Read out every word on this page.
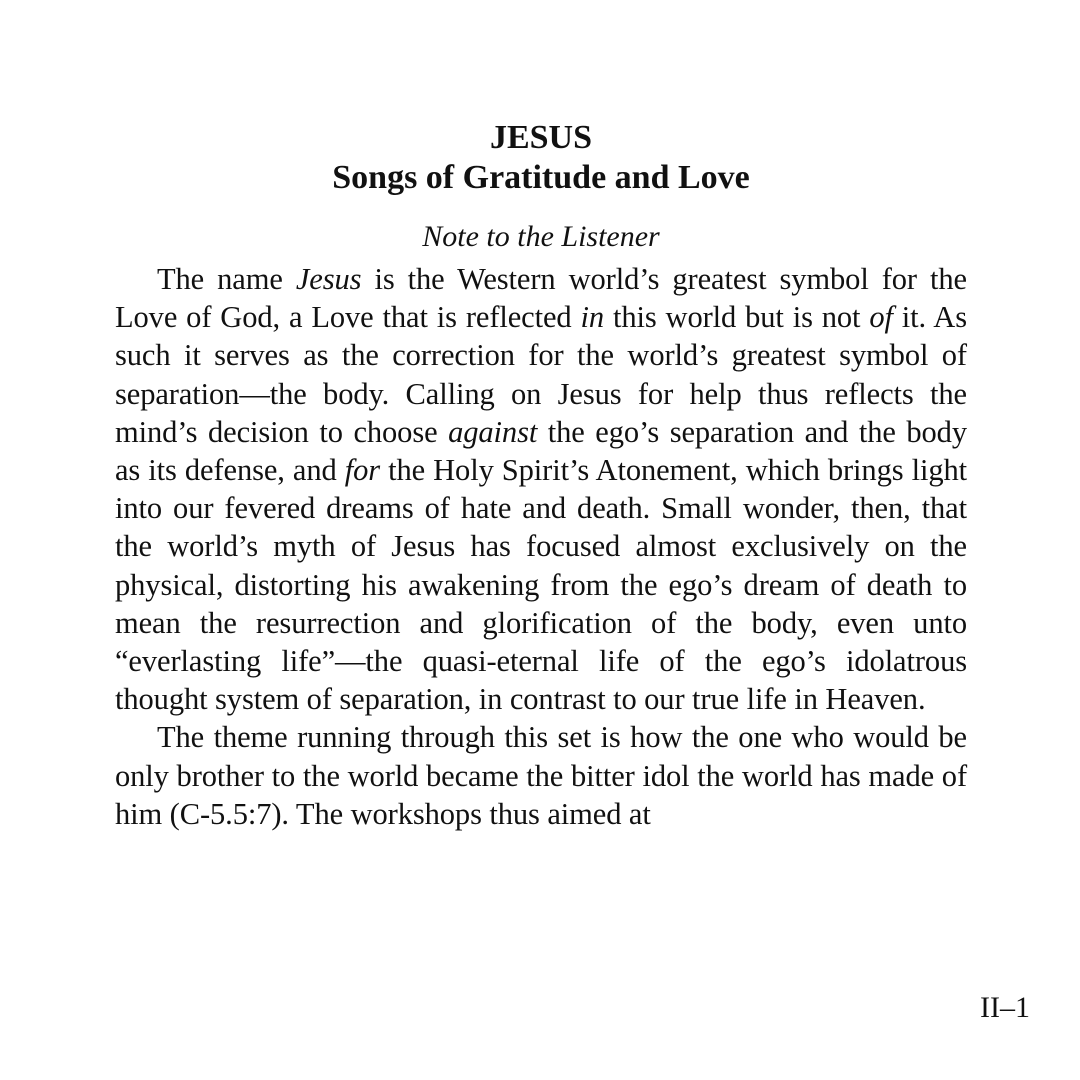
JESUS
Songs of Gratitude and Love
Note to the Listener

The name Jesus is the Western world’s greatest symbol for the Love of God, a Love that is reflected in this world but is not of it. As such it serves as the correction for the world’s greatest symbol of separation—the body. Calling on Jesus for help thus reflects the mind’s decision to choose against the ego’s separation and the body as its defense, and for the Holy Spirit’s Atonement, which brings light into our fevered dreams of hate and death. Small wonder, then, that the world’s myth of Jesus has focused almost exclusively on the physical, distorting his awakening from the ego’s dream of death to mean the resurrection and glorification of the body, even unto “everlasting life”—the quasi-eternal life of the ego’s idolatrous thought system of separation, in contrast to our true life in Heaven.

The theme running through this set is how the one who would be only brother to the world became the bitter idol the world has made of him (C-5.5:7). The workshops thus aimed at

II–1
